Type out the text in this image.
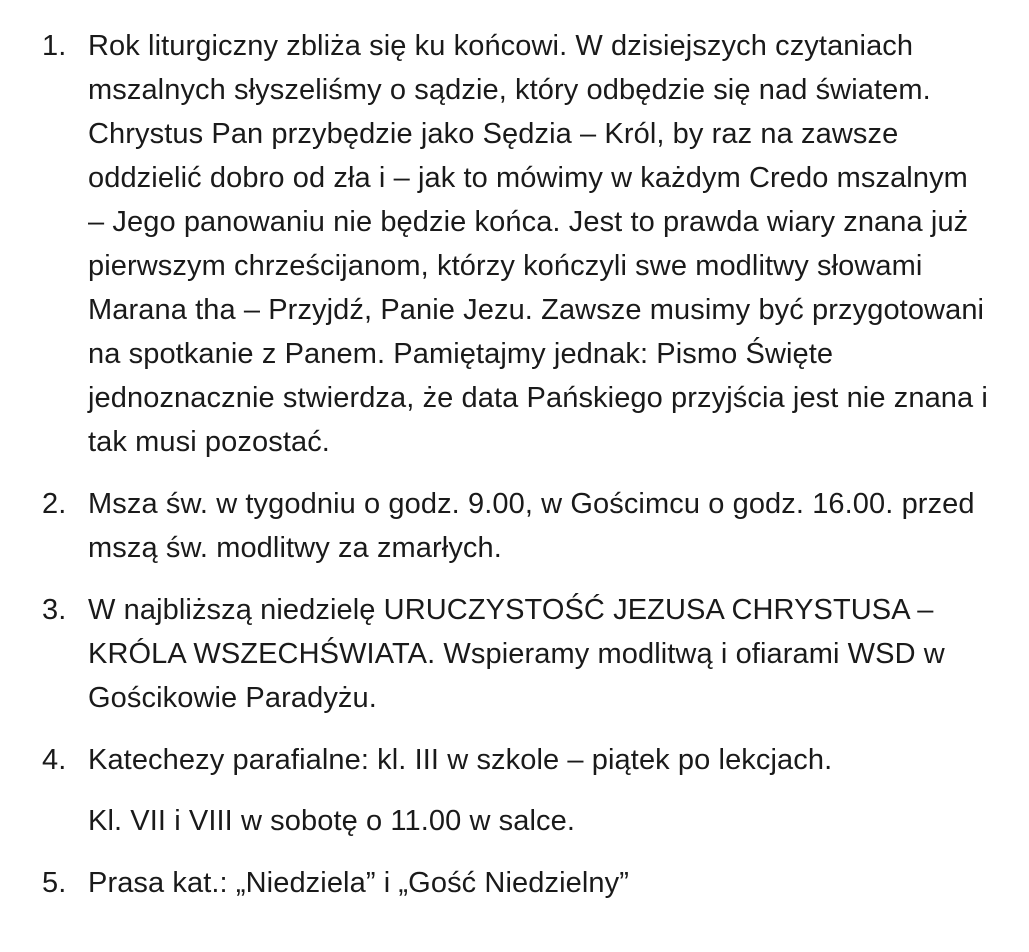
1. Rok liturgiczny zbliża się ku końcowi. W dzisiejszych czytaniach mszalnych słyszeliśmy o sądzie, który odbędzie się nad światem. Chrystus Pan przybędzie jako Sędzia – Król, by raz na zawsze oddzielić dobro od zła i – jak to mówimy w każdym Credo mszalnym – Jego panowaniu nie będzie końca. Jest to prawda wiary znana już pierwszym chrześcijanom, którzy kończyli swe modlitwy słowami Marana tha – Przyjdź, Panie Jezu. Zawsze musimy być przygotowani na spotkanie z Panem. Pamiętajmy jednak: Pismo Święte jednoznacznie stwierdza, że data Pańskiego przyjścia jest nie znana i tak musi pozostać.

2. Msza św. w tygodniu o godz. 9.00, w Gościmcu o godz. 16.00. przed mszą św. modlitwy za zmarłych.

3. W najbliższą niedzielę URUCZYSTOŚĆ JEZUSA CHRYSTUSA – KRÓLA WSZECHŚWIATA. Wspieramy modlitwą i ofiarami WSD w Gościkowie Paradyżu.

4. Katechezy parafialne: kl. III w szkole – piątek po lekcjach.

Kl. VII i VIII w sobotę o 11.00 w salce.

5. Prasa kat.: „Niedziela” i „Gość Niedzielny”
